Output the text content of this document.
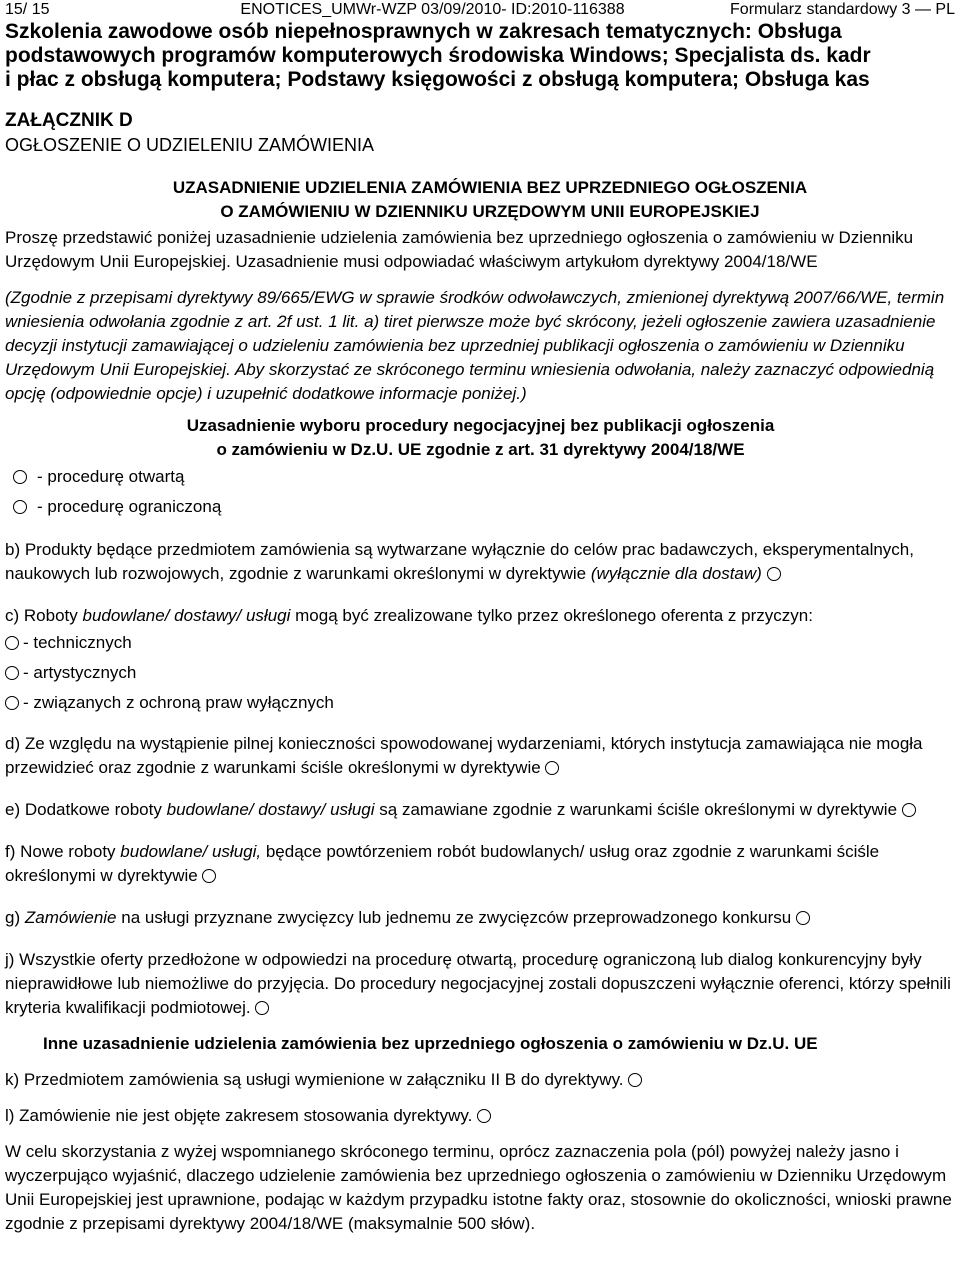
15/ 15	ENOTICES_UMWr-WZP 03/09/2010- ID:2010-116388	Formularz standardowy 3 — PL

Szkolenia zawodowe osób niepełnosprawnych w zakresach tematycznych: Obsługa

podstawowych programów komputerowych środowiska Windows; Specjalista ds. kadr

i płac z obsługą komputera; Podstawy księgowości z obsługą komputera; Obsługa kas

ZAŁĄCZNIK D
OGŁOSZENIE O UDZIELENIU ZAMÓWIENIA
UZASADNIENIE UDZIELENIA ZAMÓWIENIA BEZ UPRZEDNIEGO OGŁOSZENIA
O ZAMÓWIENIU W DZIENNIKU URZĘDOWYM UNII EUROPEJSKIEJ

Proszę przedstawić poniżej uzasadnienie udzielenia zamówienia bez uprzedniego ogłoszenia o zamówieniu w Dzienniku Urzędowym Unii Europejskiej. Uzasadnienie musi odpowiadać właściwym artykułom dyrektywy 2004/18/WE

(Zgodnie z przepisami dyrektywy 89/665/EWG w sprawie środków odwoławczych, zmienionej dyrektywą 2007/66/WE, termin wniesienia odwołania zgodnie z art. 2f ust. 1 lit. a) tiret pierwsze może być skrócony, jeżeli ogłoszenie zawiera uzasadnienie decyzji instytucji zamawiającej o udzieleniu zamówienia bez uprzedniej publikacji ogłoszenia o zamówieniu w Dzienniku Urzędowym Unii Europejskiej. Aby skorzystać ze skróconego terminu wniesienia odwołania, należy zaznaczyć odpowiednią opcję (odpowiednie opcje) i uzupełnić dodatkowe informacje poniżej.)

Uzasadnienie wyboru procedury negocjacyjnej bez publikacji ogłoszenia
o zamówieniu w Dz.U. UE zgodnie z art. 31 dyrektywy 2004/18/WE
- procedurę otwartą
- procedurę ograniczoną

b) Produkty będące przedmiotem zamówienia są wytwarzane wyłącznie do celów prac badawczych, eksperymentalnych, naukowych lub rozwojowych, zgodnie z warunkami określonymi w dyrektywie (wyłącznie dla dostaw)

c) Roboty budowlane/ dostawy/ usługi mogą być zrealizowane tylko przez określonego oferenta z przyczyn:

- technicznych
- artystycznych
- związanych z ochroną praw wyłącznych

d) Ze względu na wystąpienie pilnej konieczności spowodowanej wydarzeniami, których instytucja zamawiająca nie mogła przewidzieć oraz zgodnie z warunkami ściśle określonymi w dyrektywie

e) Dodatkowe roboty budowlane/ dostawy/ usługi są zamawiane zgodnie z warunkami ściśle określonymi w dyrektywie

f) Nowe roboty budowlane/ usługi, będące powtórzeniem robót budowlanych/ usług oraz zgodnie z warunkami ściśle określonymi w dyrektywie

g) Zamówienie na usługi przyznane zwycięzcy lub jednemu ze zwycięzców przeprowadzonego konkursu

j) Wszystkie oferty przedłożone w odpowiedzi na procedurę otwartą, procedurę ograniczoną lub dialog konkurencyjny były nieprawidłowe lub niemożliwe do przyjęcia. Do procedury negocjacyjnej zostali dopuszczeni wyłącznie oferenci, którzy spełnili kryteria kwalifikacji podmiotowej.

Inne uzasadnienie udzielenia zamówienia bez uprzedniego ogłoszenia o zamówieniu w Dz.U. UE

k) Przedmiotem zamówienia są usługi wymienione w załączniku II B do dyrektywy.

l) Zamówienie nie jest objęte zakresem stosowania dyrektywy.

W celu skorzystania z wyżej wspomnianego skróconego terminu, oprócz zaznaczenia pola (pól) powyżej należy jasno i wyczerpująco wyjaśnić, dlaczego udzielenie zamówienia bez uprzedniego ogłoszenia o zamówieniu w Dzienniku Urzędowym Unii Europejskiej jest uprawnione, podając w każdym przypadku istotne fakty oraz, stosownie do okoliczności, wnioski prawne zgodnie z przepisami dyrektywy 2004/18/WE (maksymalnie 500 słów).
